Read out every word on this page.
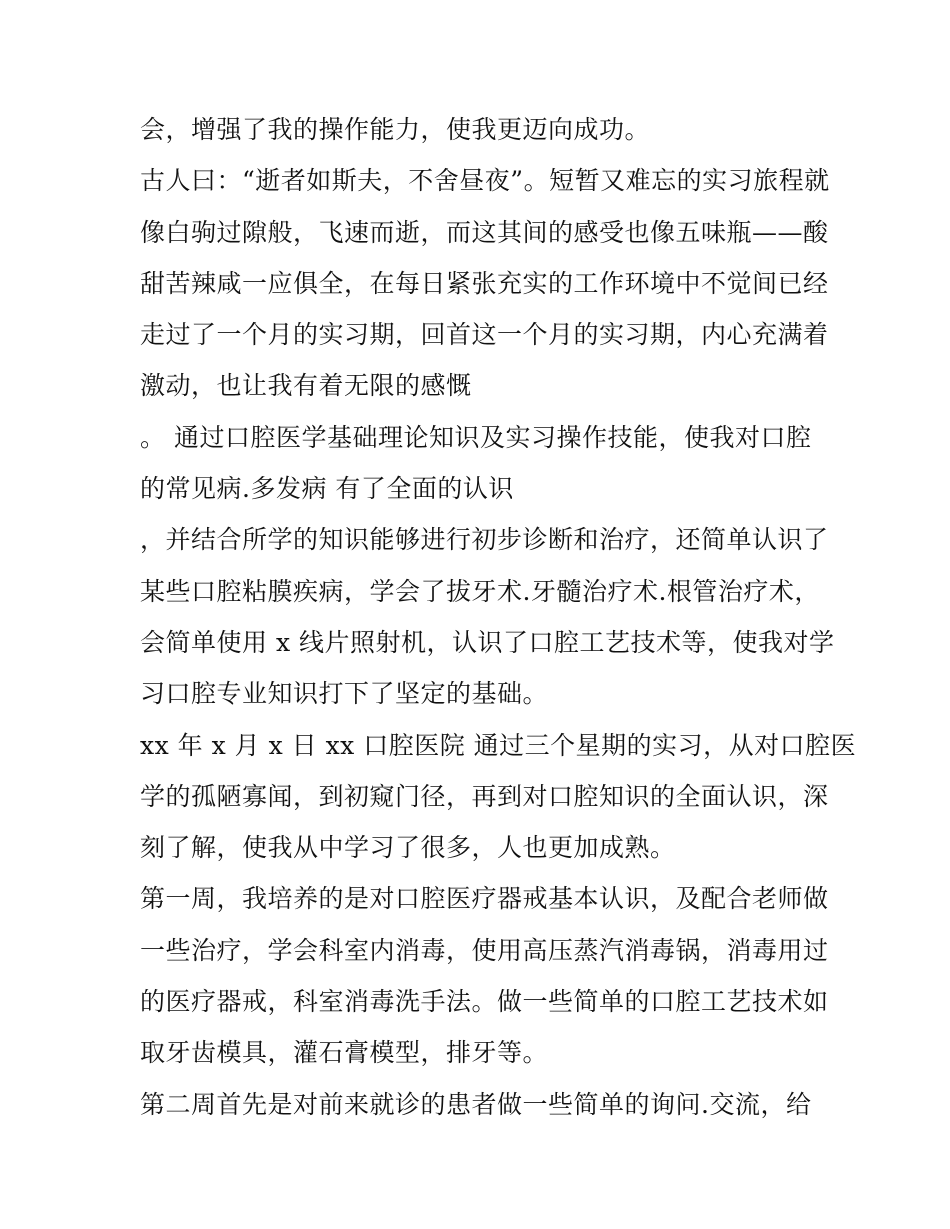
会，增强了我的操作能力，使我更迈向成功。
古人曰：“逝者如斯夫，不舍昼夜”。短暂又难忘的实习旅程就
像白驹过隙般，飞速而逝，而这其间的感受也像五味瓶——酸
甜苦辣咸一应俱全，在每日紧张充实的工作环境中不觉间已经
走过了一个月的实习期，回首这一个月的实习期，内心充满着
激动，也让我有着无限的感慨
。 通过口腔医学基础理论知识及实习操作技能，使我对口腔
的常见病.多发病 有了全面的认识
，并结合所学的知识能够进行初步诊断和治疗，还简单认识了
某些口腔粘膜疾病，学会了拔牙术.牙髓治疗术.根管治疗术，
会简单使用 x 线片照射机，认识了口腔工艺技术等，使我对学
习口腔专业知识打下了坚定的基础。
xx 年 x 月 x 日 xx 口腔医院 通过三个星期的实习，从对口腔医
学的孤陋寡闻，到初窥门径，再到对口腔知识的全面认识，深
刻了解，使我从中学习了很多，人也更加成熟。
第一周，我培养的是对口腔医疗器戒基本认识，及配合老师做
一些治疗，学会科室内消毒，使用高压蒸汽消毒锅，消毒用过
的医疗器戒，科室消毒洗手法。做一些简单的口腔工艺技术如
取牙齿模具，灌石膏模型，排牙等。
第二周首先是对前来就诊的患者做一些简单的询问.交流，给
